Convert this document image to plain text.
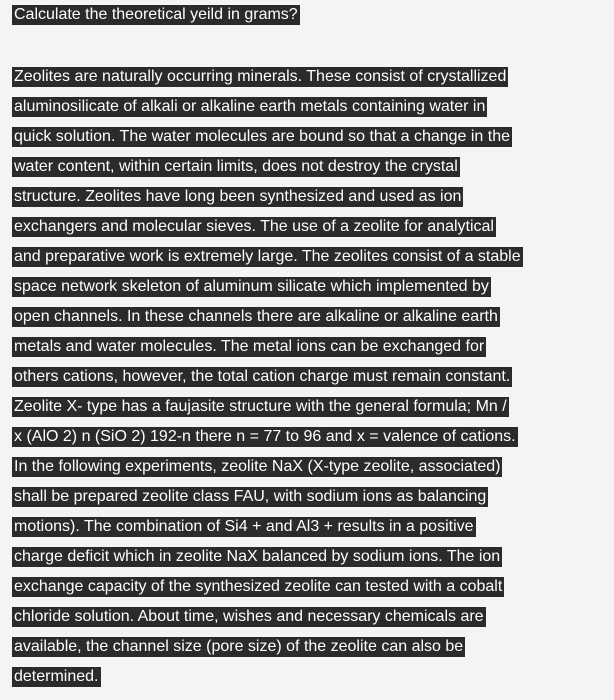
Calculate the theoretical yeild in grams?
Zeolites are naturally occurring minerals. These consist of crystallized
aluminosilicate of alkali or alkaline earth metals containing water in
quick solution. The water molecules are bound so that a change in the
water content, within certain limits, does not destroy the crystal
structure. Zeolites have long been synthesized and used as ion
exchangers and molecular sieves. The use of a zeolite for analytical
and preparative work is extremely large. The zeolites consist of a stable
space network skeleton of aluminum silicate which implemented by
open channels. In these channels there are alkaline or alkaline earth
metals and water molecules. The metal ions can be exchanged for
others cations, however, the total cation charge must remain constant.
Zeolite X- type has a faujasite structure with the general formula; Mn /
x (AlO 2) n (SiO 2) 192-n there n = 77 to 96 and x = valence of cations.
In the following experiments, zeolite NaX (X-type zeolite, associated)
shall be prepared zeolite class FAU, with sodium ions as balancing
motions). The combination of Si4 + and Al3 + results in a positive
charge deficit which in zeolite NaX balanced by sodium ions. The ion
exchange capacity of the synthesized zeolite can tested with a cobalt
chloride solution. About time, wishes and necessary chemicals are
available, the channel size (pore size) of the zeolite can also be
determined.
